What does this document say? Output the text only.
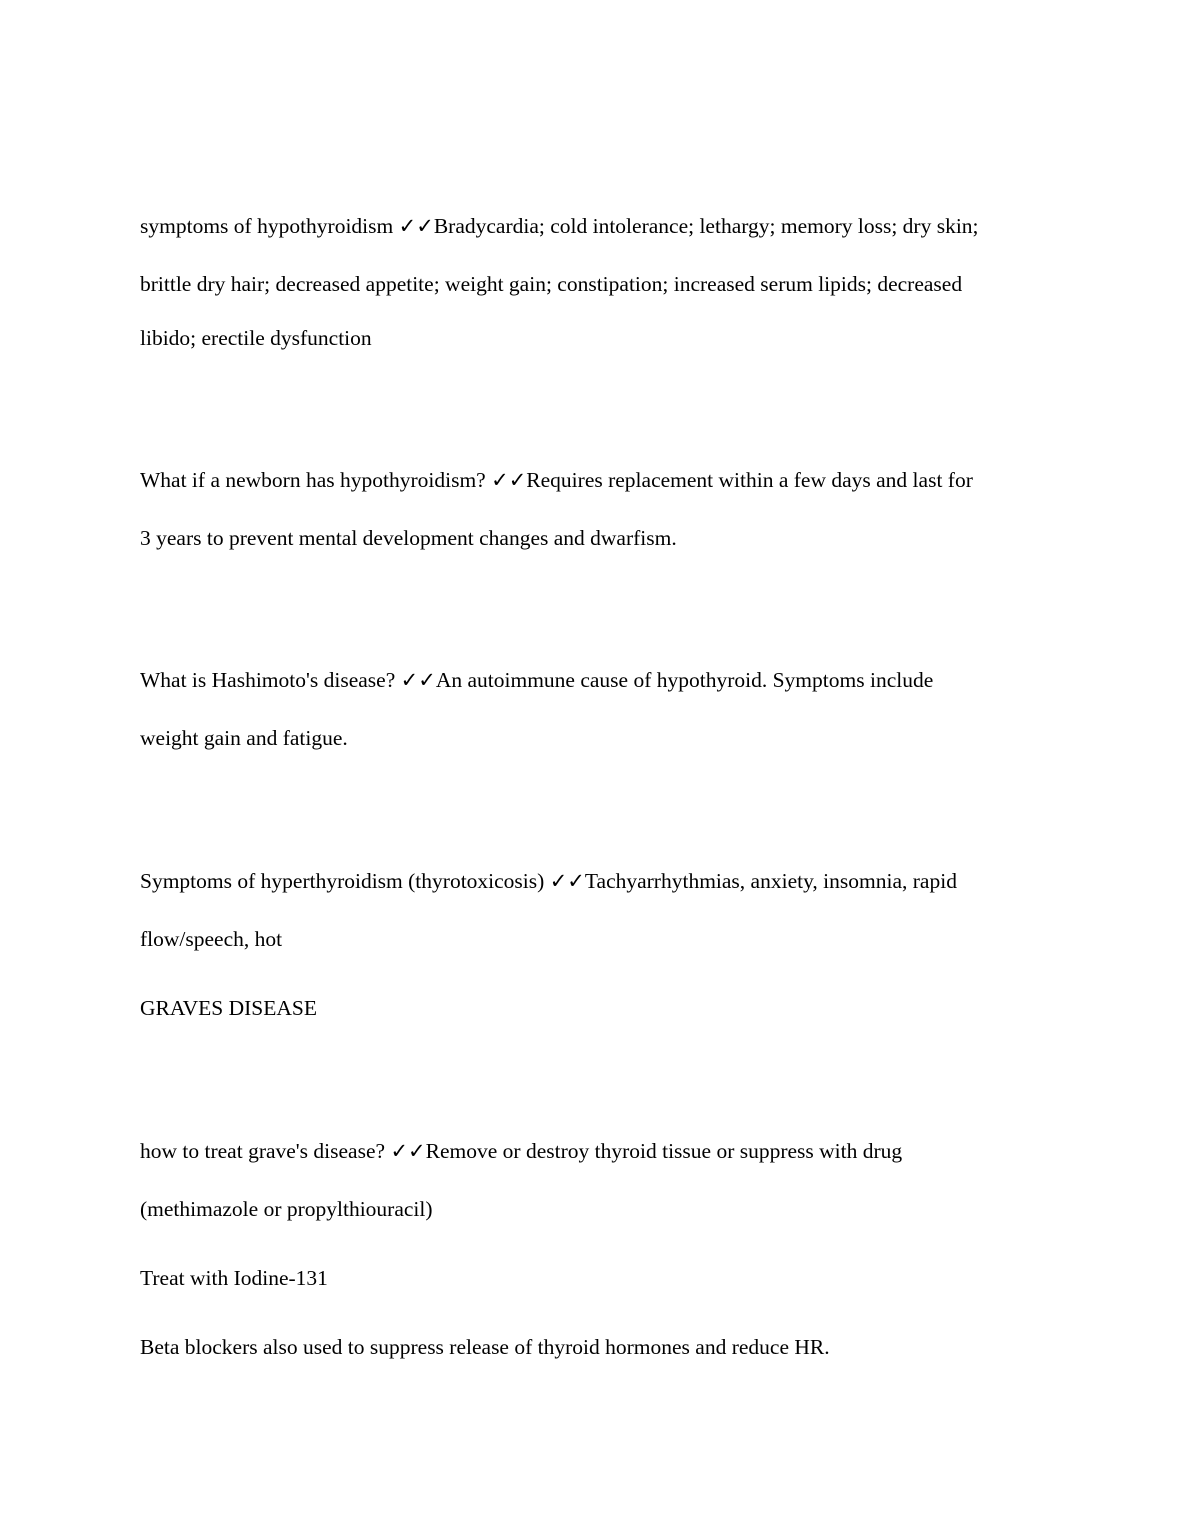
symptoms of hypothyroidism ✓✓Bradycardia; cold intolerance; lethargy; memory loss; dry skin;
brittle dry hair; decreased appetite; weight gain; constipation; increased serum lipids; decreased
libido; erectile dysfunction
What if a newborn has hypothyroidism? ✓✓Requires replacement within a few days and last for
3 years to prevent mental development changes and dwarfism.
What is Hashimoto's disease? ✓✓An autoimmune cause of hypothyroid. Symptoms include
weight gain and fatigue.
Symptoms of hyperthyroidism (thyrotoxicosis) ✓✓Tachyarrhythmias, anxiety, insomnia, rapid
flow/speech, hot
GRAVES DISEASE
how to treat grave's disease? ✓✓Remove or destroy thyroid tissue or suppress with drug
(methimazole or propylthiouracil)
Treat with Iodine-131
Beta blockers also used to suppress release of thyroid hormones and reduce HR.
